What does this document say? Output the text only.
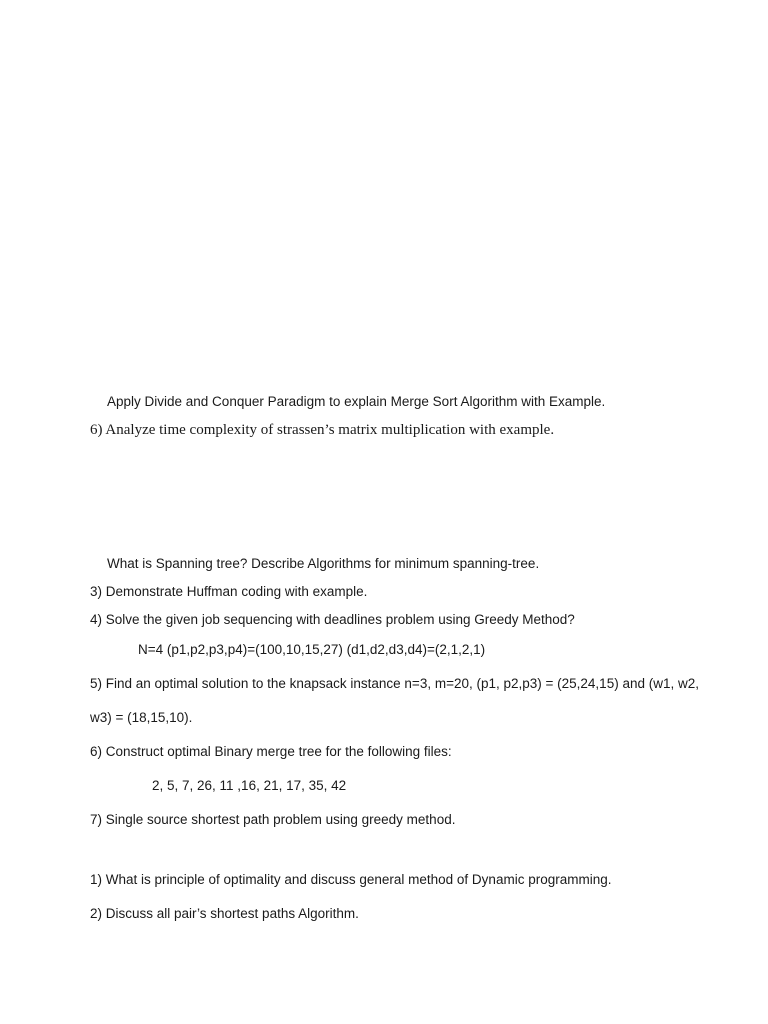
Apply Divide and Conquer Paradigm to explain Merge Sort Algorithm with Example.
6) Analyze time complexity of strassen’s matrix multiplication with example.
What is Spanning tree? Describe Algorithms for minimum spanning-tree.
3) Demonstrate Huffman coding with example.
4) Solve the given job sequencing with deadlines problem using Greedy Method?
N=4 (p1,p2,p3,p4)=(100,10,15,27) (d1,d2,d3,d4)=(2,1,2,1)
5) Find an optimal solution to the knapsack instance n=3, m=20, (p1, p2,p3) = (25,24,15) and (w1, w2,
w3) = (18,15,10).
6) Construct optimal Binary merge tree for the following files:
2, 5, 7, 26, 11 ,16, 21, 17, 35, 42
7) Single source shortest path problem using greedy method.
1) What is principle of optimality and discuss general method of Dynamic programming.
2) Discuss all pair’s shortest paths Algorithm.
